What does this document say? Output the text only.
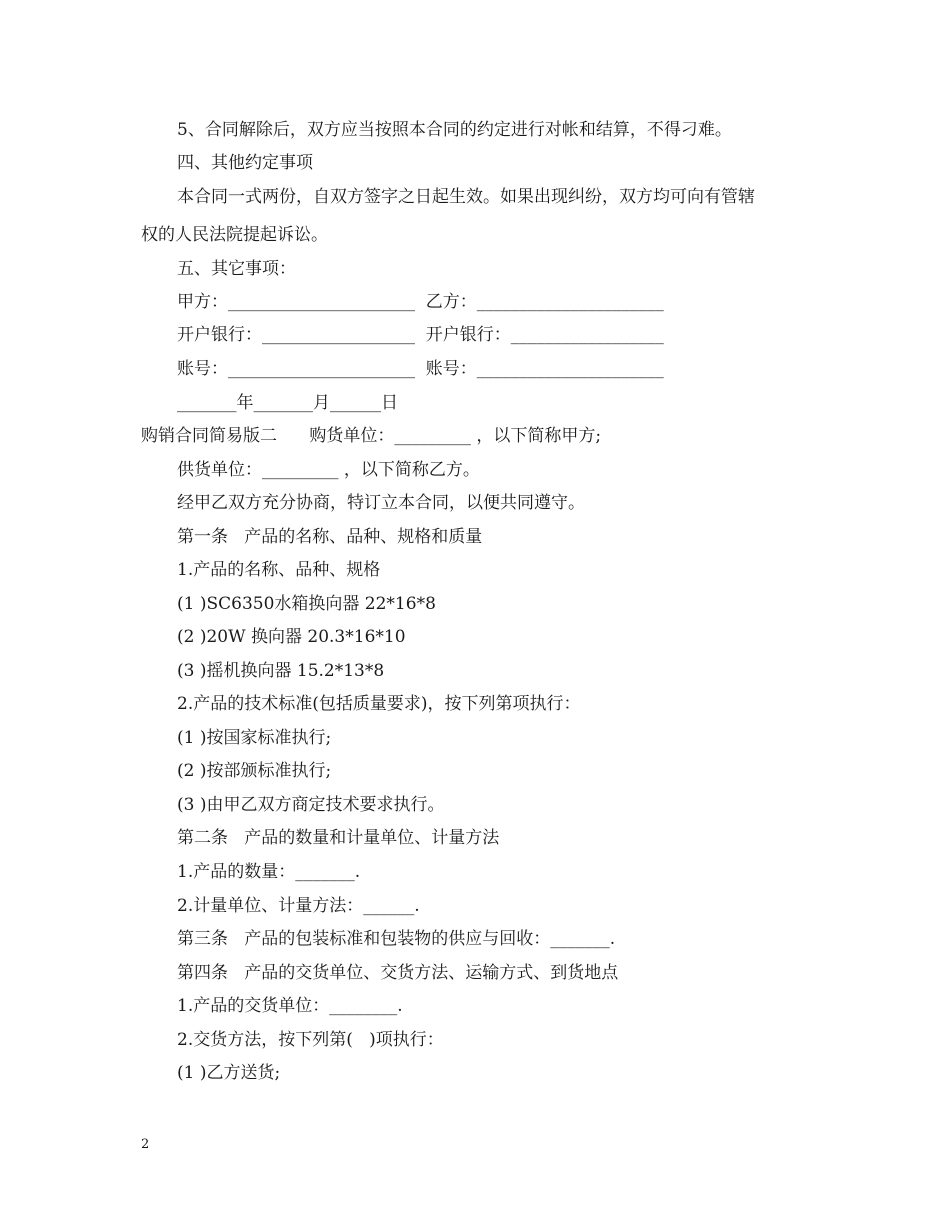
5、合同解除后，双方应当按照本合同的约定进行对帐和结算，不得刁难。
四、其他约定事项
本合同一式两份，自双方签字之日起生效。如果出现纠纷，双方均可向有管辖
权的人民法院提起诉讼。
五、其它事项：
甲方：______________________  乙方：______________________
开户银行：__________________  开户银行：__________________
账号：______________________  账号：______________________
_______年_______月______日
购销合同简易版二      购货单位：_________ ，以下简称甲方;
供货单位：_________ ，以下简称乙方。
经甲乙双方充分协商，特订立本合同，以便共同遵守。
第一条   产品的名称、品种、规格和质量
1.产品的名称、品种、规格
(1 )SC6350水箱换向器 22*16*8
(2 )20W 换向器 20.3*16*10
(3 )摇机换向器 15.2*13*8
2.产品的技术标准(包括质量要求)，按下列第项执行：
(1 )按国家标准执行;
(2 )按部颁标准执行;
(3 )由甲乙双方商定技术要求执行。
第二条   产品的数量和计量单位、计量方法
1.产品的数量：_______.
2.计量单位、计量方法：______.
第三条   产品的包装标准和包装物的供应与回收：_______.
第四条   产品的交货单位、交货方法、运输方式、到货地点
1.产品的交货单位：________.
2.交货方法，按下列第(   )项执行：
(1 )乙方送货;
2
